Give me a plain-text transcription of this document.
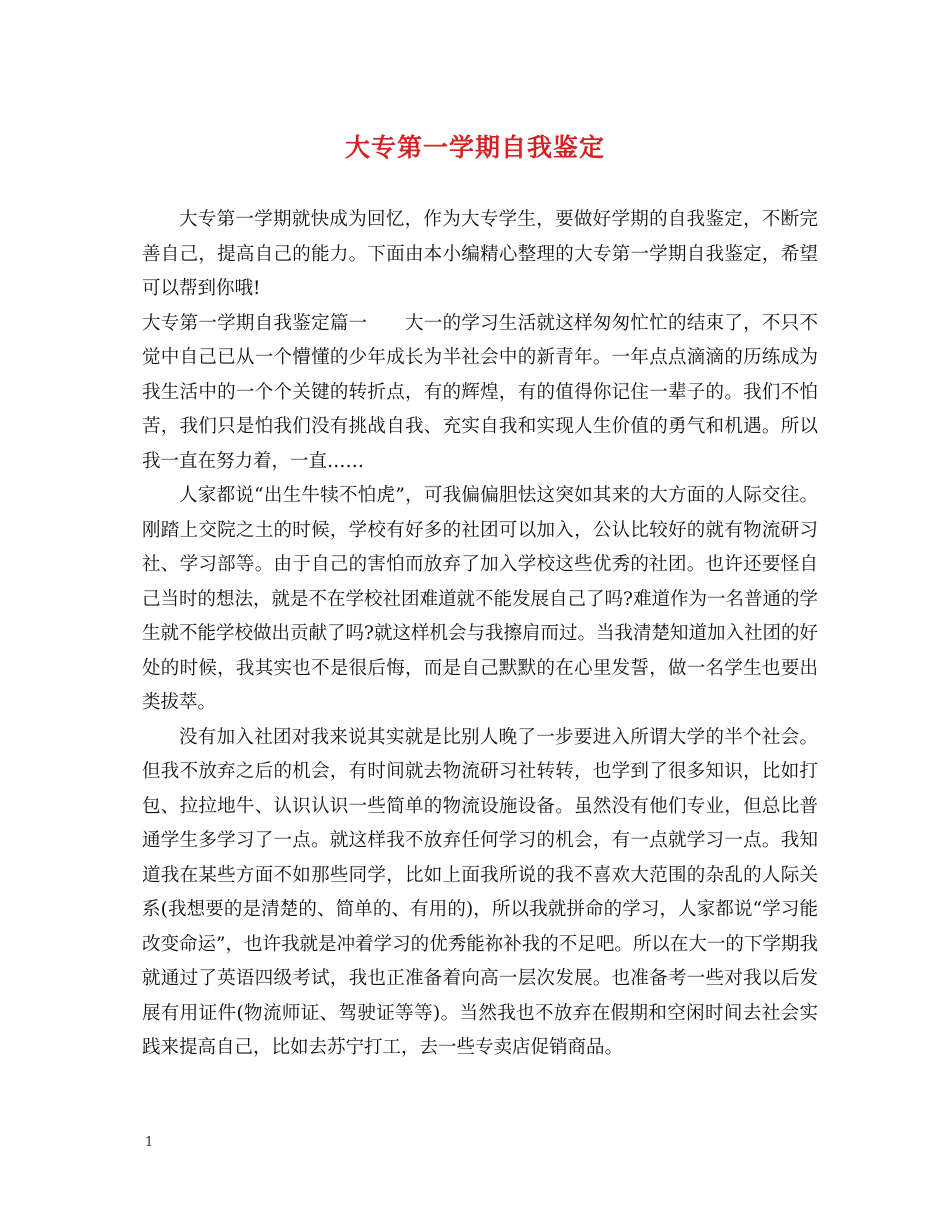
大专第一学期自我鉴定

大专第一学期就快成为回忆，作为大专学生，要做好学期的自我鉴定，不断完善自己，提高自己的能力。下面由本小编精心整理的大专第一学期自我鉴定，希望可以帮到你哦!

大专第一学期自我鉴定篇一　　大一的学习生活就这样匆匆忙忙的结束了，不只不觉中自己已从一个懵懂的少年成长为半社会中的新青年。一年点点滴滴的历练成为我生活中的一个个关键的转折点，有的辉煌，有的值得你记住一辈子的。我们不怕苦，我们只是怕我们没有挑战自我、充实自我和实现人生价值的勇气和机遇。所以我一直在努力着，一直……

人家都说“出生牛犊不怕虎”，可我偏偏胆怯这突如其来的大方面的人际交往。刚踏上交院之土的时候，学校有好多的社团可以加入，公认比较好的就有物流研习社、学习部等。由于自己的害怕而放弃了加入学校这些优秀的社团。也许还要怪自己当时的想法，就是不在学校社团难道就不能发展自己了吗?难道作为一名普通的学生就不能学校做出贡献了吗?就这样机会与我擦肩而过。当我清楚知道加入社团的好处的时候，我其实也不是很后悔，而是自己默默的在心里发誓，做一名学生也要出类拔萃。

没有加入社团对我来说其实就是比别人晚了一步要进入所谓大学的半个社会。但我不放弃之后的机会，有时间就去物流研习社转转，也学到了很多知识，比如打包、拉拉地牛、认识认识一些简单的物流设施设备。虽然没有他们专业，但总比普通学生多学习了一点。就这样我不放弃任何学习的机会，有一点就学习一点。我知道我在某些方面不如那些同学，比如上面我所说的我不喜欢大范围的杂乱的人际关系(我想要的是清楚的、简单的、有用的)，所以我就拼命的学习，人家都说“学习能改变命运”，也许我就是冲着学习的优秀能祢补我的不足吧。所以在大一的下学期我就通过了英语四级考试，我也正准备着向高一层次发展。也准备考一些对我以后发展有用证件(物流师证、驾驶证等等)。当然我也不放弃在假期和空闲时间去社会实践来提高自己，比如去苏宁打工，去一些专卖店促销商品。

1
